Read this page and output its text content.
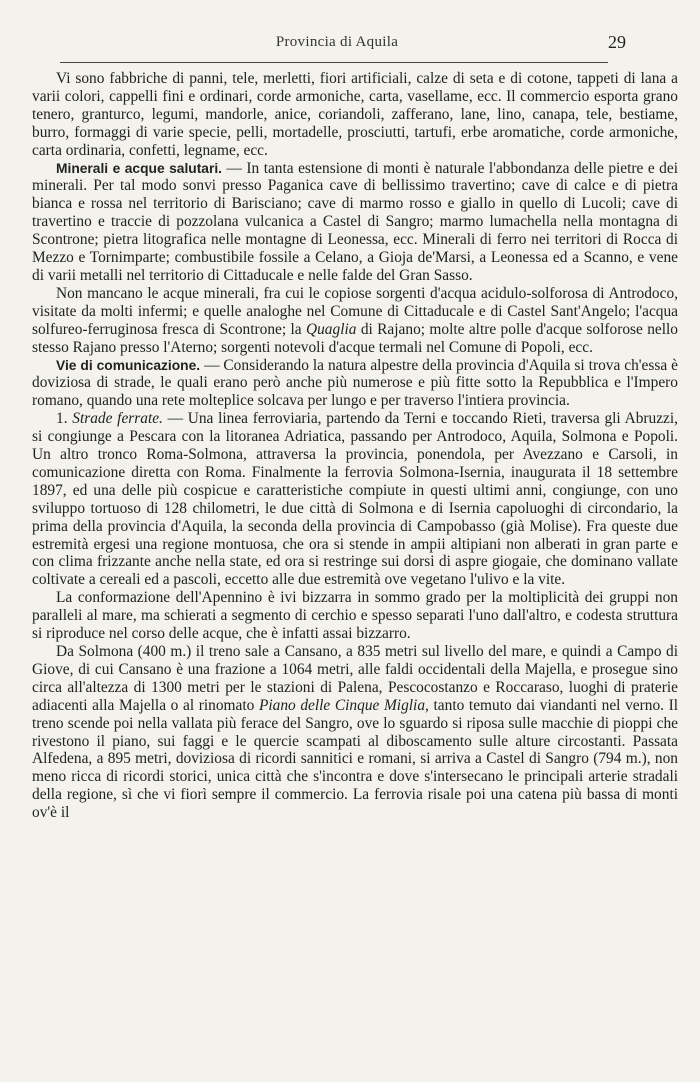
Provincia di Aquila	29

Vi sono fabbriche di panni, tele, merletti, fiori artificiali, calze di seta e di cotone, tappeti di lana a varii colori, cappelli fini e ordinari, corde armoniche, carta, vasellame, ecc. Il commercio esporta grano tenero, granturco, legumi, mandorle, anice, coriandoli, zafferano, lane, lino, canapa, tele, bestiame, burro, formaggi di varie specie, pelli, mortadelle, prosciutti, tartufi, erbe aromatiche, corde armoniche, carta ordinaria, confetti, legname, ecc.

Minerali e acque salutari. — In tanta estensione di monti è naturale l'abbondanza delle pietre e dei minerali. Per tal modo sonvi presso Paganica cave di bellissimo travertino; cave di calce e di pietra bianca e rossa nel territorio di Barisciano; cave di marmo rosso e giallo in quello di Lucoli; cave di travertino e traccie di pozzolana vulcanica a Castel di Sangro; marmo lumachella nella montagna di Scontrone; pietra litografica nelle montagne di Leonessa, ecc. Minerali di ferro nei territori di Rocca di Mezzo e Tornimparte; combustibile fossile a Celano, a Gioja de'Marsi, a Leonessa ed a Scanno, e vene di varii metalli nel territorio di Cittaducale e nelle falde del Gran Sasso.

Non mancano le acque minerali, fra cui le copiose sorgenti d'acqua acidulo-solforosa di Antrodoco, visitate da molti infermi; e quelle analoghe nel Comune di Cittaducale e di Castel Sant'Angelo; l'acqua solfureo-ferruginosa fresca di Scontrone; la Quaglia di Rajano; molte altre polle d'acque solforose nello stesso Rajano presso l'Aterno; sorgenti notevoli d'acque termali nel Comune di Popoli, ecc.

Vie di comunicazione. — Considerando la natura alpestre della provincia d'Aquila si trova ch'essa è doviziosa di strade, le quali erano però anche più numerose e più fitte sotto la Repubblica e l'Impero romano, quando una rete molteplice solcava per lungo e per traverso l'intiera provincia.

1. Strade ferrate. — Una linea ferroviaria, partendo da Terni e toccando Rieti, traversa gli Abruzzi, si congiunge a Pescara con la litoranea Adriatica, passando per Antrodoco, Aquila, Solmona e Popoli. Un altro tronco Roma-Solmona, attraversa la provincia, ponendola, per Avezzano e Carsoli, in comunicazione diretta con Roma. Finalmente la ferrovia Solmona-Isernia, inaugurata il 18 settembre 1897, ed una delle più cospicue e caratteristiche compiute in questi ultimi anni, congiunge, con uno sviluppo tortuoso di 128 chilometri, le due città di Solmona e di Isernia capoluoghi di circondario, la prima della provincia d'Aquila, la seconda della provincia di Campobasso (già Molise). Fra queste due estremità ergesi una regione montuosa, che ora si stende in ampii altipiani non alberati in gran parte e con clima frizzante anche nella state, ed ora si restringe sui dorsi di aspre giogaie, che dominano vallate coltivate a cereali ed a pascoli, eccetto alle due estremità ove vegetano l'ulivo e la vite.

La conformazione dell'Apennino è ivi bizzarra in sommo grado per la moltiplicità dei gruppi non paralleli al mare, ma schierati a segmento di cerchio e spesso separati l'uno dall'altro, e codesta struttura si riproduce nel corso delle acque, che è infatti assai bizzarro.

Da Solmona (400 m.) il treno sale a Cansano, a 835 metri sul livello del mare, e quindi a Campo di Giove, di cui Cansano è una frazione a 1064 metri, alle faldi occidentali della Majella, e prosegue sino circa all'altezza di 1300 metri per le stazioni di Palena, Pescocostanzo e Roccaraso, luoghi di praterie adiacenti alla Majella o al rinomato Piano delle Cinque Miglia, tanto temuto dai viandanti nel verno. Il treno scende poi nella vallata più ferace del Sangro, ove lo sguardo si riposa sulle macchie di pioppi che rivestono il piano, sui faggi e le quercie scampati al diboscamento sulle alture circostanti. Passata Alfedena, a 895 metri, doviziosa di ricordi sannitici e romani, si arriva a Castel di Sangro (794 m.), non meno ricca di ricordi storici, unica città che s'incontra e dove s'intersecano le principali arterie stradali della regione, sì che vi fiorì sempre il commercio. La ferrovia risale poi una catena più bassa di monti ov'è il
